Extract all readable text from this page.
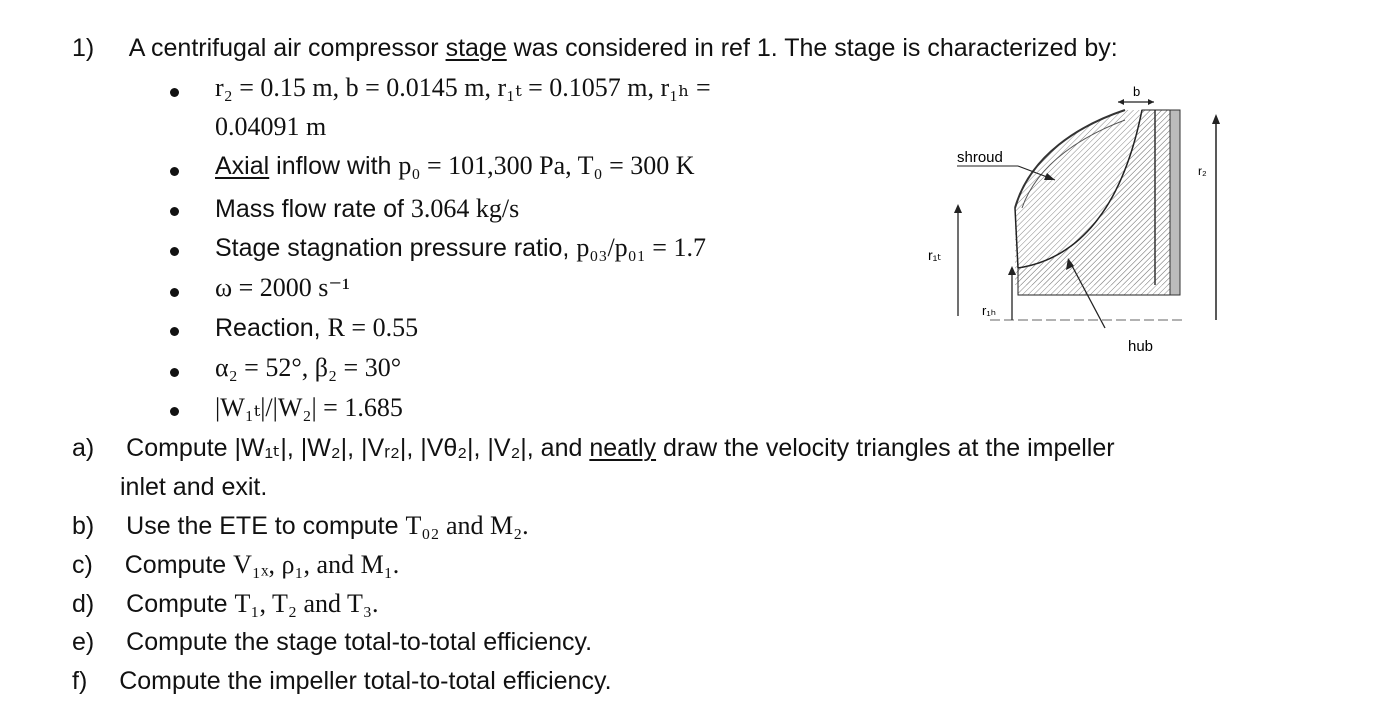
1) A centrifugal air compressor stage was considered in ref 1. The stage is characterized by:
r₂ = 0.15 m, b = 0.0145 m, r₁ₜ = 0.1057 m, r₁ₕ =
0.04091 m
Axial inflow with p₀ = 101,300 Pa, T₀ = 300 K
Mass flow rate of 3.064 kg/s
Stage stagnation pressure ratio, p₀₃/p₀₁ = 1.7
ω = 2000 s⁻¹
Reaction, R = 0.55
α₂ = 52°, β₂ = 30°
|W₁ₜ|/|W₂| = 1.685
a) Compute |W₁ₜ|, |W₂|, |Vᵣ₂|, |Vθ₂|, |V₂|, and neatly draw the velocity triangles at the impeller
inlet and exit.
b) Use the ETE to compute T₀₂ and M₂.
c) Compute V₁ₓ, ρ₁, and M₁.
d) Compute T₁, T₂ and T₃.
e) Compute the stage total-to-total efficiency.
f) Compute the impeller total-to-total efficiency.
b
shroud
r₁ₜ
r₁ₕ
r₂
hub
